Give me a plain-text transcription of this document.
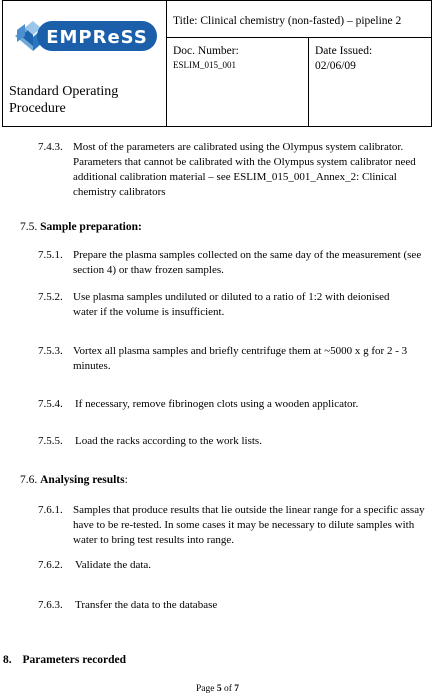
EMPReSS
Standard Operating Procedure
Title: Clinical chemistry (non-fasted) – pipeline 2
Doc. Number:
ESLIM_015_001
Date Issued:
02/06/09
7.4.3. Most of the parameters are calibrated using the Olympus system calibrator. Parameters that cannot be calibrated with the Olympus system calibrator need additional calibration material – see ESLIM_015_001_Annex_2: Clinical chemistry calibrators
7.5. Sample preparation:
7.5.1. Prepare the plasma samples collected on the same day of the measurement (see section 4) or thaw frozen samples.
7.5.2. Use plasma samples undiluted or diluted to a ratio of 1:2 with deionised water if the volume is insufficient.
7.5.3. Vortex all plasma samples and briefly centrifuge them at ~5000 x g for 2 - 3 minutes.
7.5.4. If necessary, remove fibrinogen clots using a wooden applicator.
7.5.5. Load the racks according to the work lists.
7.6. Analysing results:
7.6.1. Samples that produce results that lie outside the linear range for a specific assay have to be re-tested. In some cases it may be necessary to dilute samples with water to bring test results into range.
7.6.2. Validate the data.
7.6.3. Transfer the data to the database
8. Parameters recorded
Page 5 of 7
